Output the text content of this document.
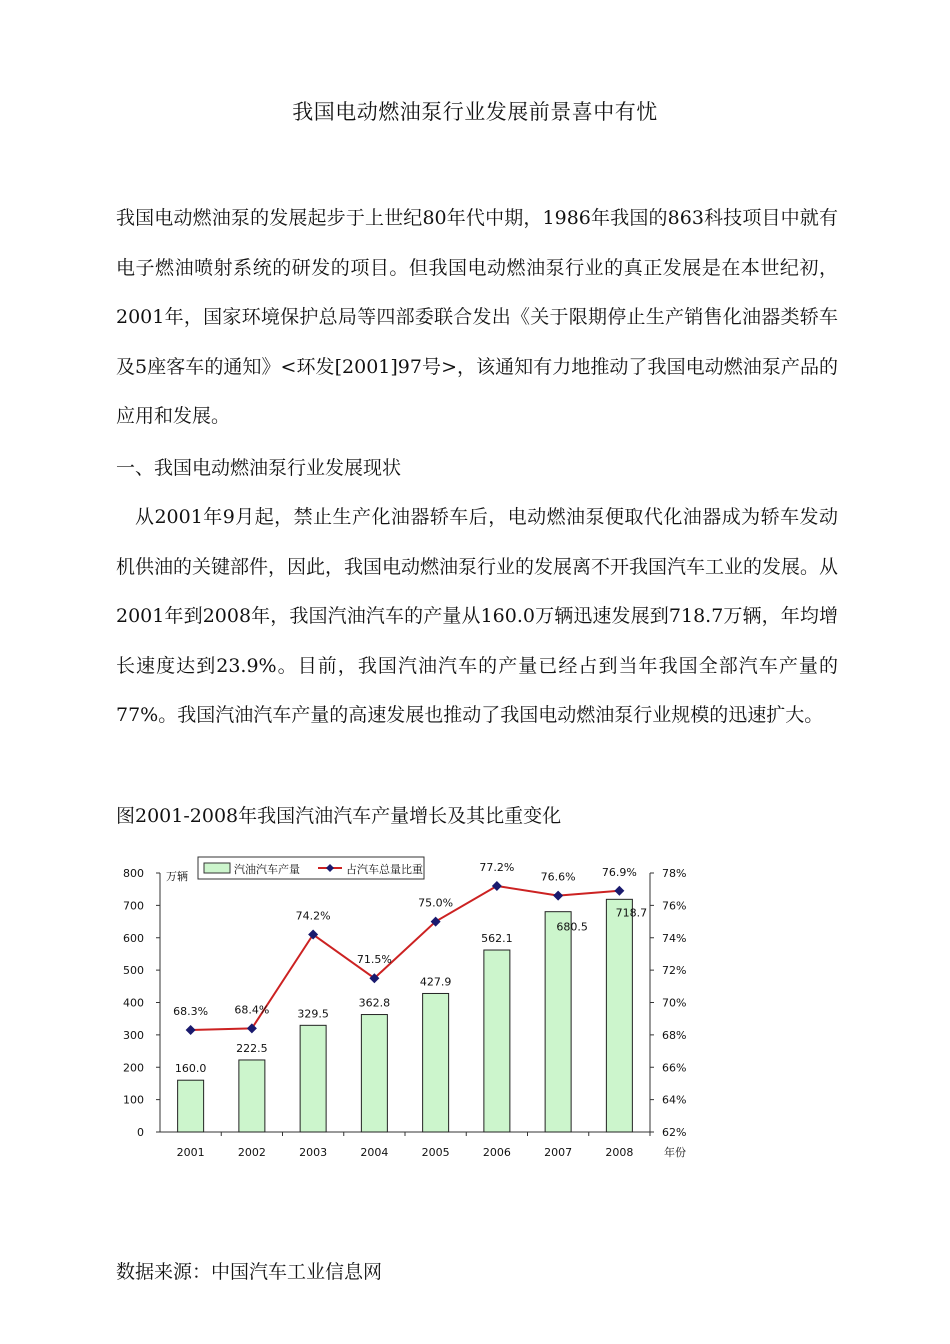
我国电动燃油泵行业发展前景喜中有忧

我国电动燃油泵的发展起步于上世纪80年代中期，1986年我国的863科技项目中就有电子燃油喷射系统的研发的项目。但我国电动燃油泵行业的真正发展是在本世纪初，2001年，国家环境保护总局等四部委联合发出《关于限期停止生产销售化油器类轿车及5座客车的通知》<环发[2001]97号>，该通知有力地推动了我国电动燃油泵产品的应用和发展。

一、我国电动燃油泵行业发展现状

从2001年9月起，禁止生产化油器轿车后，电动燃油泵便取代化油器成为轿车发动机供油的关键部件，因此，我国电动燃油泵行业的发展离不开我国汽车工业的发展。从2001年到2008年，我国汽油汽车的产量从160.0万辆迅速发展到718.7万辆，年均增长速度达到23.9%。目前，我国汽油汽车的产量已经占到当年我国全部汽车产量的77%。我国汽油汽车产量的高速发展也推动了我国电动燃油泵行业规模的迅速扩大。

图2001-2008年我国汽油汽车产量增长及其比重变化

汽油汽车产量	占汽车总量比重
万辆
年份
0
100
200
300
400
500
600
700
800
62%
64%
66%
68%
70%
72%
74%
76%
78%
2001	2002	2003	2004	2005	2006	2007	2008
160.0
222.5
329.5
362.8
427.9
562.1
680.5
718.7
68.3% 68.4%
74.2%
71.5%
75.0%
77.2%
76.6% 76.9%

数据来源：中国汽车工业信息网
